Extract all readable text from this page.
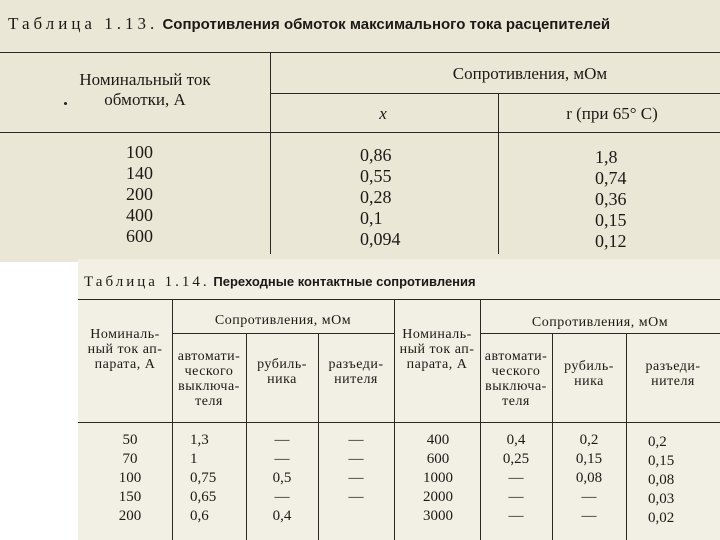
Таблица 1.13. Сопротивления обмоток максимального тока расцепителей
Номинальный ток обмотки, А
Сопротивления, мОм
x	r (при 65° С)
100
140
200
400
600
0,86
0,55
0,28
0,1
0,094
1,8
0,74
0,36
0,15
0,12
Таблица 1.14. Переходные контактные сопротивления
Номиналь-
ный ток ап-
парата, А
Сопротивления, мОм
автомати-
ческого
выключа-
теля
рубиль-
ника
разъеди-
нителя
Номиналь-
ный ток ап-
парата, А
Сопротивления, мОм
автомати-
ческого
выключа-
теля
рубиль-
ника
разъеди-
нителя
50
70
100
150
200
1,3
1
0,75
0,65
0,6
—
—
0,5
—
0,4
—
—
—
—
400
600
1000
2000
3000
0,4
0,25
—
—
—
0,2
0,15
0,08
—
—
0,2
0,15
0,08
0,03
0,02
